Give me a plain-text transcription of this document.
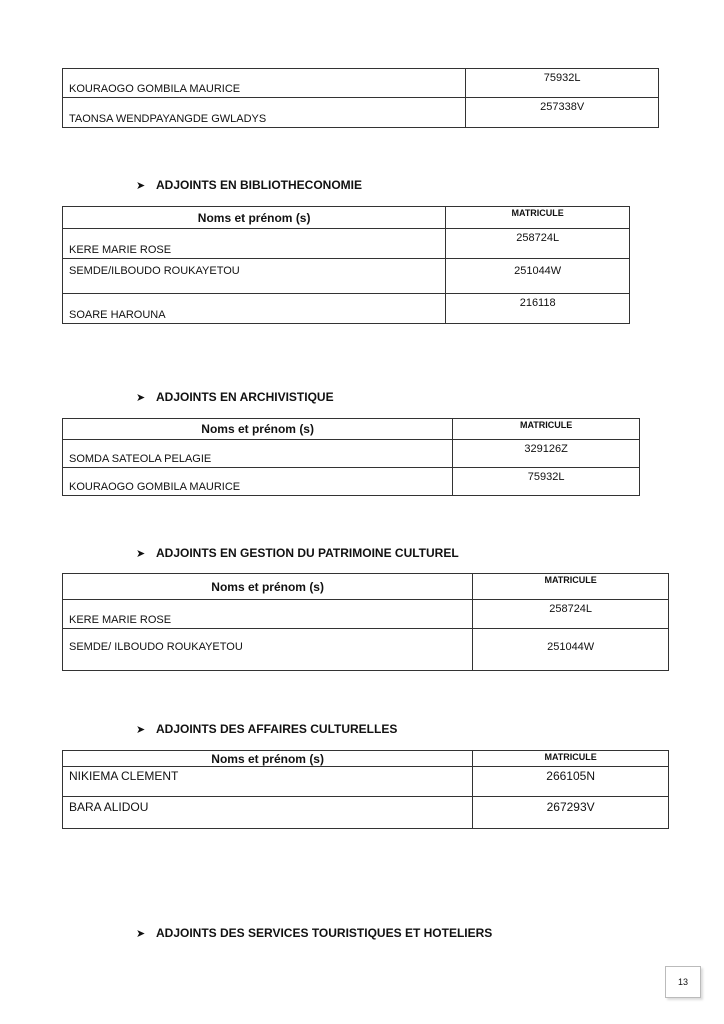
KOURAOGO GOMBILA MAURICE	75932L
TAONSA WENDPAYANGDE GWLADYS	257338V
➤ ADJOINTS EN BIBLIOTHECONOMIE
Noms et prénom (s)	MATRICULE
KERE MARIE ROSE	258724L
SEMDE/ILBOUDO ROUKAYETOU	251044W
SOARE HAROUNA	216118
➤ ADJOINTS EN ARCHIVISTIQUE
Noms et prénom (s)	MATRICULE
SOMDA SATEOLA PELAGIE	329126Z
KOURAOGO GOMBILA MAURICE	75932L
➤ ADJOINTS EN GESTION DU PATRIMOINE CULTUREL
Noms et prénom (s)	MATRICULE
KERE MARIE ROSE	258724L
SEMDE/ ILBOUDO ROUKAYETOU	251044W
➤ ADJOINTS DES AFFAIRES CULTURELLES
Noms et prénom (s)	MATRICULE
NIKIEMA CLEMENT	266105N
BARA ALIDOU	267293V
➤ ADJOINTS DES SERVICES TOURISTIQUES ET HOTELIERS
13
